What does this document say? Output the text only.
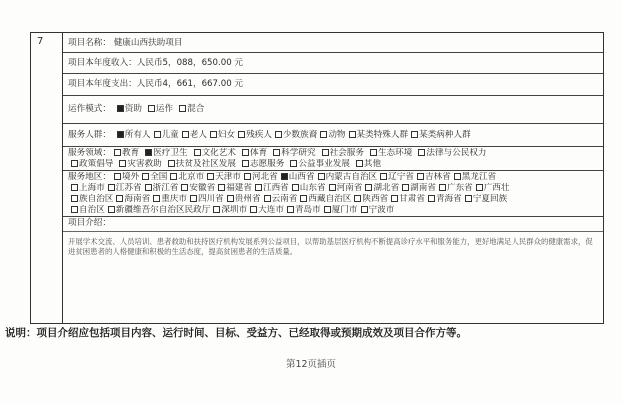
7	项目名称： 健康山西扶助项目
项目本年度收入：人民币5，088，650.00 元
项目本年度支出：人民币4，661，667.00 元
运作模式： 资助 运作 混合
服务人群： 所有人 儿童 老人 妇女 残疾人 少数族裔 动物 某类特殊人群 某类病种人群
服务领域： 教育 医疗卫生 文化艺术 体育 科学研究 社会服务 生态环境 法律与公民权力
政策倡导 灾害救助 扶贫及社区发展 志愿服务 公益事业发展 其他
服务地区： 境外 全国 北京市 天津市 河北省 山西省 内蒙古自治区 辽宁省 吉林省 黑龙江省
上海市 江苏省 浙江省 安徽省 福建省 江西省 山东省 河南省 湖北省 湖南省 广东省 广西壮
族自治区 海南省 重庆市 四川省 贵州省 云南省 西藏自治区 陕西省 甘肃省 青海省 宁夏回族
自治区 新疆维吾尔自治区民政厅 深圳市 大连市 青岛市 厦门市 宁波市
项目介绍：
开展学术交流、人员培训、患者救助和扶持医疗机构发展系列公益项目，以帮助基层医疗机构不断提高诊疗水平和服务能力，更好地满足人民群众的健康需求，促进贫困患者的人格健康和积极的生活态度，提高贫困患者的生活质量。
说明：项目介绍应包括项目内容、运行时间、目标、受益方、已经取得或预期成效及项目合作方等。
第12页插页
